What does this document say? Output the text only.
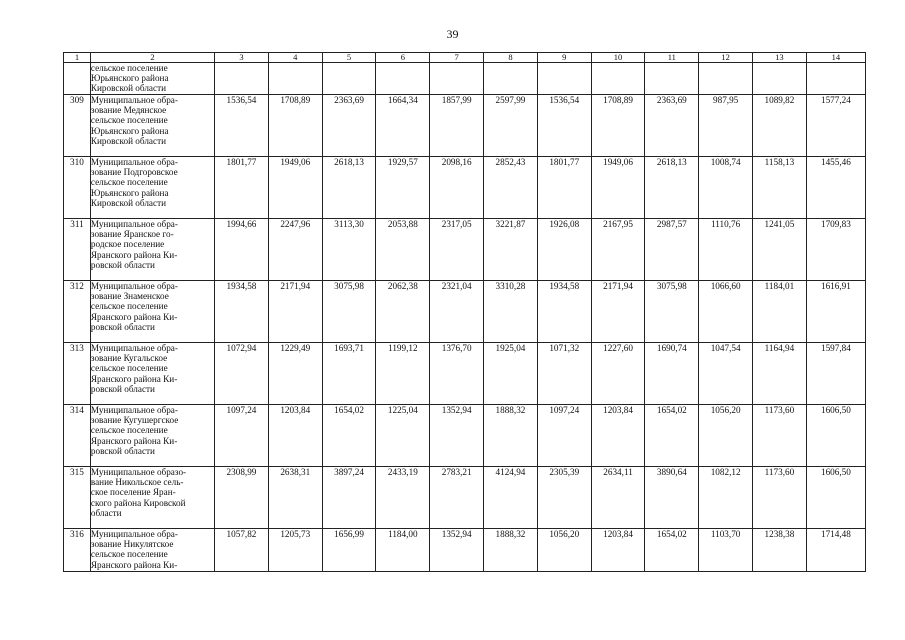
39
1	2	3	4	5	6	7	8	9	10	11	12	13	14
	сельское поселение
Юрьянского района
Кировской области												
309	Муниципальное обра-
зование Медянское
сельское поселение
Юрьянского района
Кировской области	1536,54	1708,89	2363,69	1664,34	1857,99	2597,99	1536,54	1708,89	2363,69	987,95	1089,82	1577,24
310	Муниципальное обра-
зование Подгоровское
сельское поселение
Юрьянского района
Кировской области	1801,77	1949,06	2618,13	1929,57	2098,16	2852,43	1801,77	1949,06	2618,13	1008,74	1158,13	1455,46
311	Муниципальное обра-
зование Яранское го-
родское поселение
Яранского района Ки-
ровской области	1994,66	2247,96	3113,30	2053,88	2317,05	3221,87	1926,08	2167,95	2987,57	1110,76	1241,05	1709,83
312	Муниципальное обра-
зование Знаменское
сельское поселение
Яранского района Ки-
ровской области	1934,58	2171,94	3075,98	2062,38	2321,04	3310,28	1934,58	2171,94	3075,98	1066,60	1184,01	1616,91
313	Муниципальное обра-
зование Кугальское
сельское поселение
Яранского района Ки-
ровской области	1072,94	1229,49	1693,71	1199,12	1376,70	1925,04	1071,32	1227,60	1690,74	1047,54	1164,94	1597,84
314	Муниципальное обра-
зование Кугушергское
сельское поселение
Яранского района Ки-
ровской области	1097,24	1203,84	1654,02	1225,04	1352,94	1888,32	1097,24	1203,84	1654,02	1056,20	1173,60	1606,50
315	Муниципальное образо-
вание Никольское сель-
ское поселение Яран-
ского района Кировской
области	2308,99	2638,31	3897,24	2433,19	2783,21	4124,94	2305,39	2634,11	3890,64	1082,12	1173,60	1606,50
316	Муниципальное обра-
зование Никулятское
сельское поселение
Яранского района Ки-	1057,82	1205,73	1656,99	1184,00	1352,94	1888,32	1056,20	1203,84	1654,02	1103,70	1238,38	1714,48
